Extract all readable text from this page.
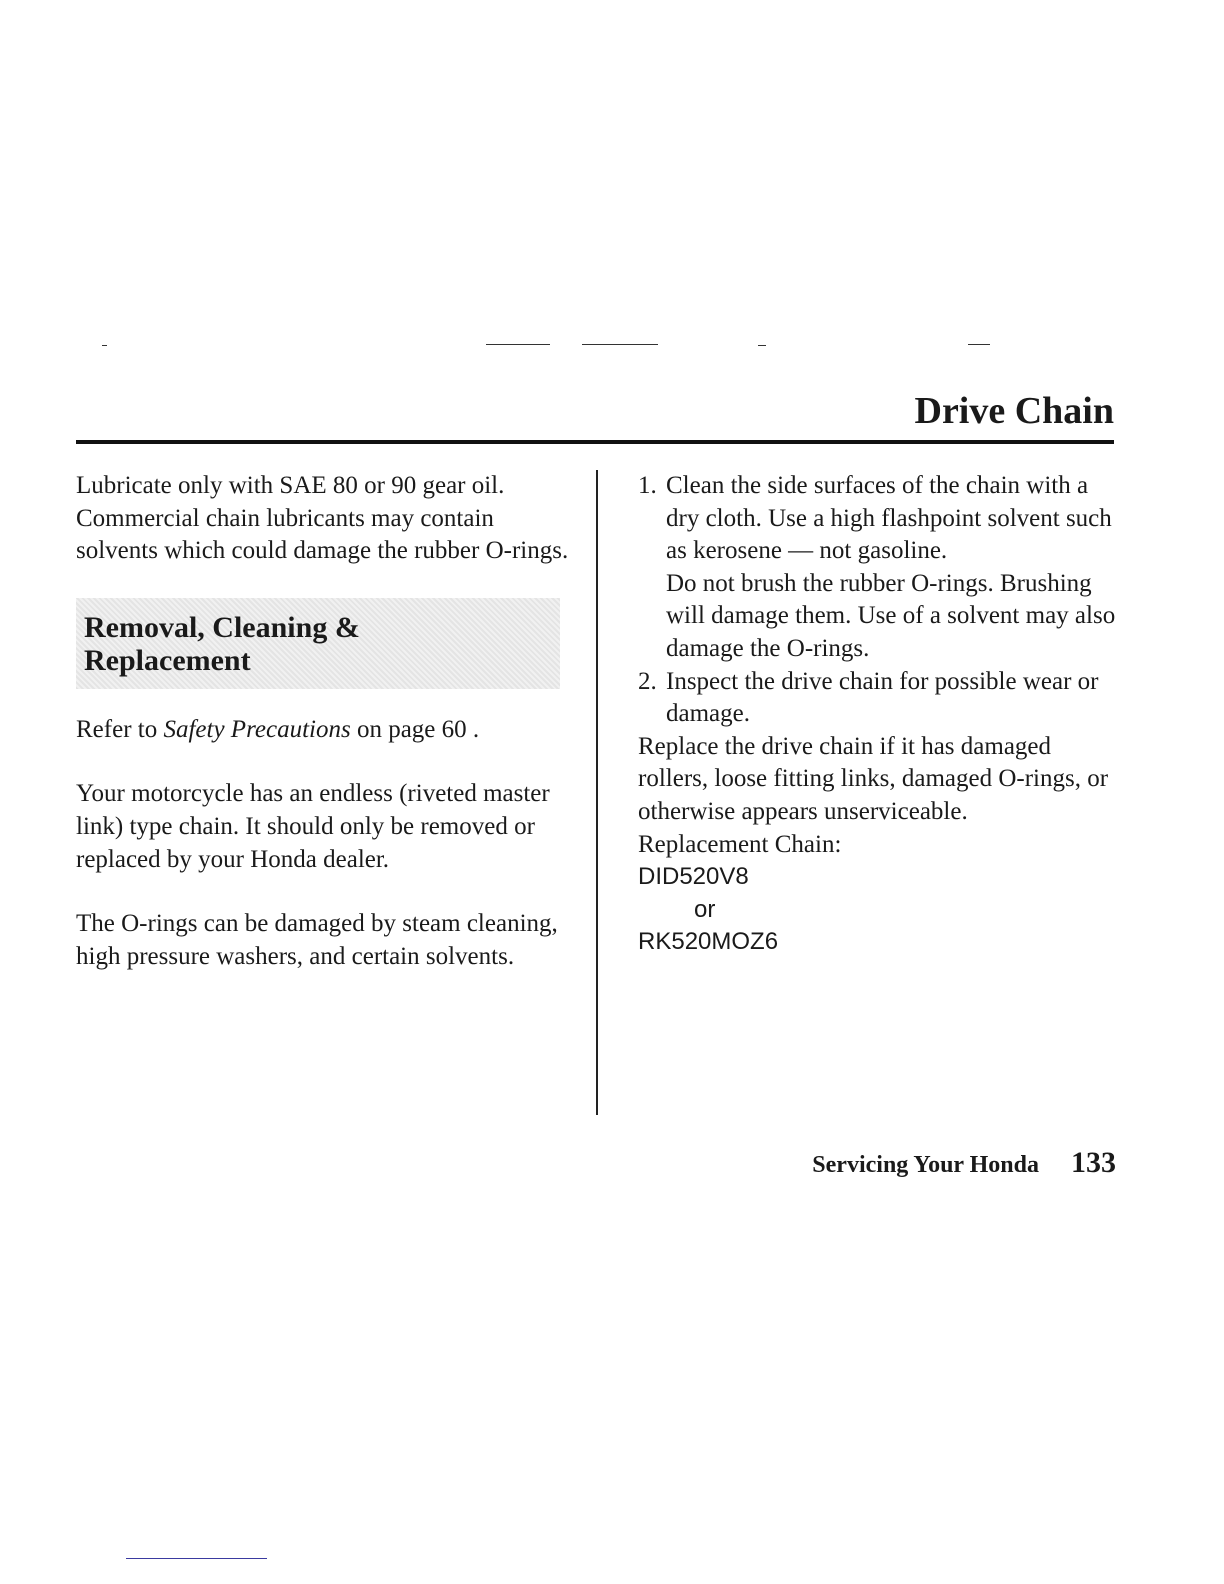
Drive Chain

Lubricate only with SAE 80 or 90 gear oil. Commercial chain lubricants may contain solvents which could damage the rubber O-rings.

Removal, Cleaning &
Replacement

Refer to Safety Precautions on page 60 .

Your motorcycle has an endless (riveted master link) type chain. It should only be removed or replaced by your Honda dealer.

The O-rings can be damaged by steam cleaning, high pressure washers, and certain solvents.

1. Clean the side surfaces of the chain with a dry cloth. Use a high flashpoint solvent such as kerosene — not gasoline.

Do not brush the rubber O-rings. Brushing will damage them. Use of a solvent may also damage the O-rings.

2. Inspect the drive chain for possible wear or damage.

Replace the drive chain if it has damaged rollers, loose fitting links, damaged O-rings, or otherwise appears unserviceable.

Replacement Chain:

DID520V8

or

RK520MOZ6

Servicing Your Honda 133
